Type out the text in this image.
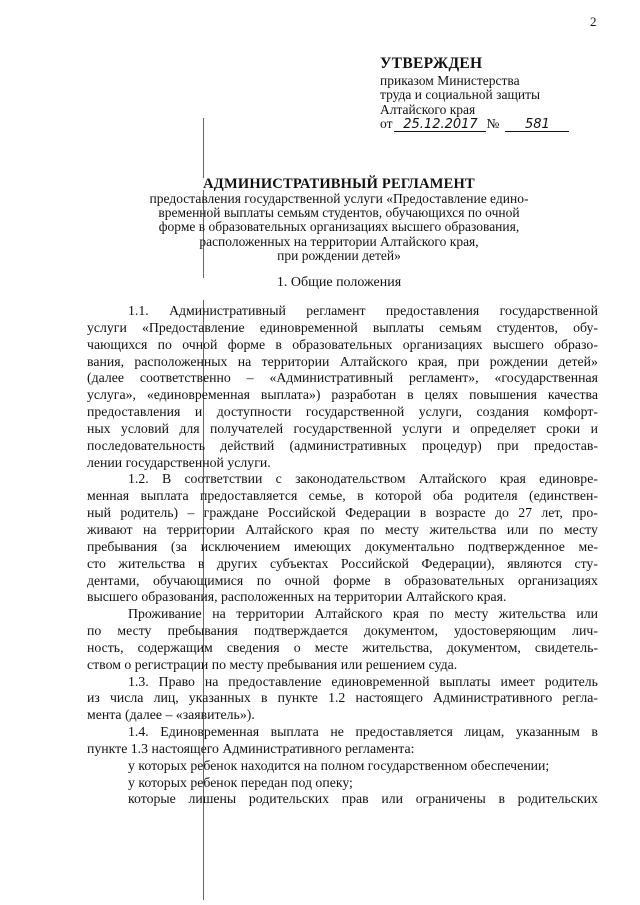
2
УТВЕРЖДЕН
приказом Министерства
труда и социальной защиты
Алтайского края
от 25.12.2017 №	581
АДМИНИСТРАТИВНЫЙ РЕГЛАМЕНТ
предоставления государственной услуги «Предоставление едино-
временной выплаты семьям студентов, обучающихся по очной
форме в образовательных организациях высшего образования,
расположенных на территории Алтайского края,
при рождении детей»
1. Общие положения
1.1. Административный регламент предоставления государственной
услуги «Предоставление единовременной выплаты семьям студентов, обу-
чающихся по очной форме в образовательных организациях высшего образо-
вания, расположенных на территории Алтайского края, при рождении детей»
(далее соответственно – «Административный регламент», «государственная
услуга», «единовременная выплата») разработан в целях повышения качества
предоставления и доступности государственной услуги, создания комфорт-
ных условий для получателей государственной услуги и определяет сроки и
последовательность действий (административных процедур) при предостав-
лении государственной услуги.
1.2. В соответствии с законодательством Алтайского края единовре-
менная выплата предоставляется семье, в которой оба родителя (единствен-
ный родитель) – граждане Российской Федерации в возрасте до 27 лет, про-
живают на территории Алтайского края по месту жительства или по месту
пребывания (за исключением имеющих документально подтвержденное ме-
сто жительства в других субъектах Российской Федерации), являются сту-
дентами, обучающимися по очной форме в образовательных организациях
высшего образования, расположенных на территории Алтайского края.
Проживание на территории Алтайского края по месту жительства или
по месту пребывания подтверждается документом, удостоверяющим лич-
ность, содержащим сведения о месте жительства, документом, свидетель-
ством о регистрации по месту пребывания или решением суда.
1.3. Право на предоставление единовременной выплаты имеет родитель
из числа лиц, указанных в пункте 1.2 настоящего Административного регла-
мента (далее – «заявитель»).
1.4. Единовременная выплата не предоставляется лицам, указанным в
пункте 1.3 настоящего Административного регламента:
у которых ребенок находится на полном государственном обеспечении;
у которых ребенок передан под опеку;
которые лишены родительских прав или ограничены в родительских
